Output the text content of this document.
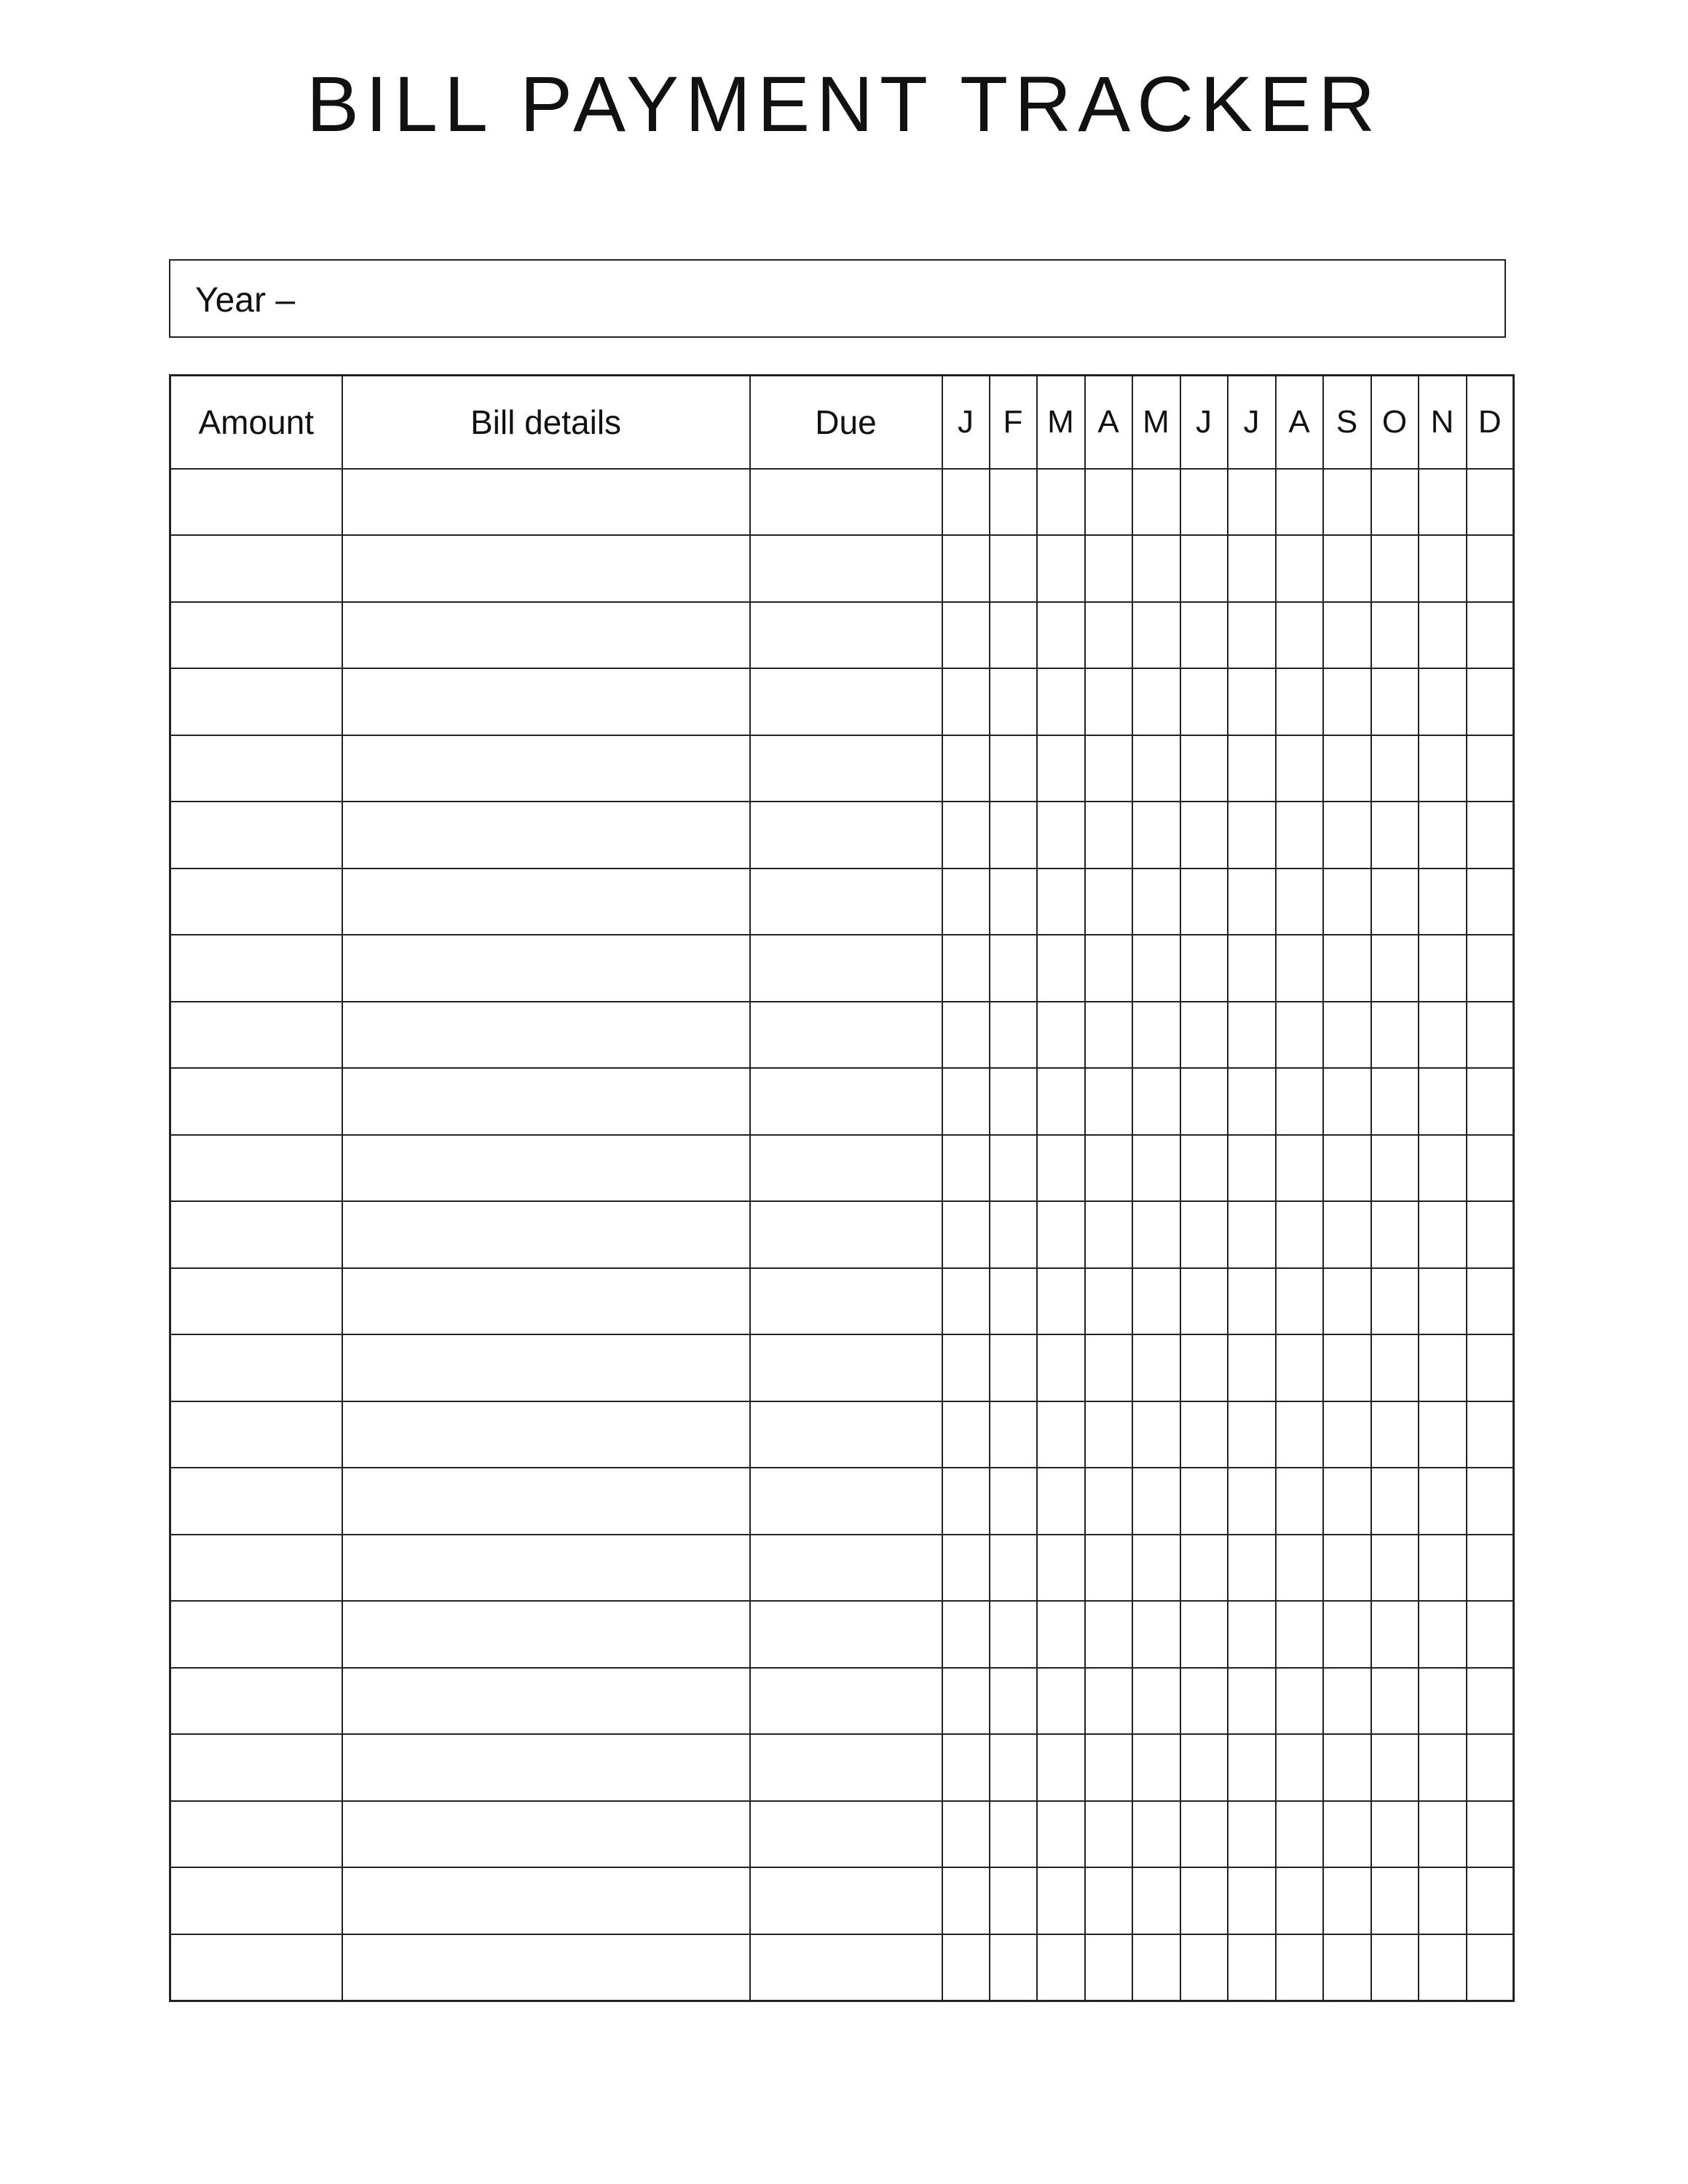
BILL PAYMENT TRACKER
Year –
Amount	Bill details	Due	J	F	M	A	M	J	J	A	S	O	N	D
